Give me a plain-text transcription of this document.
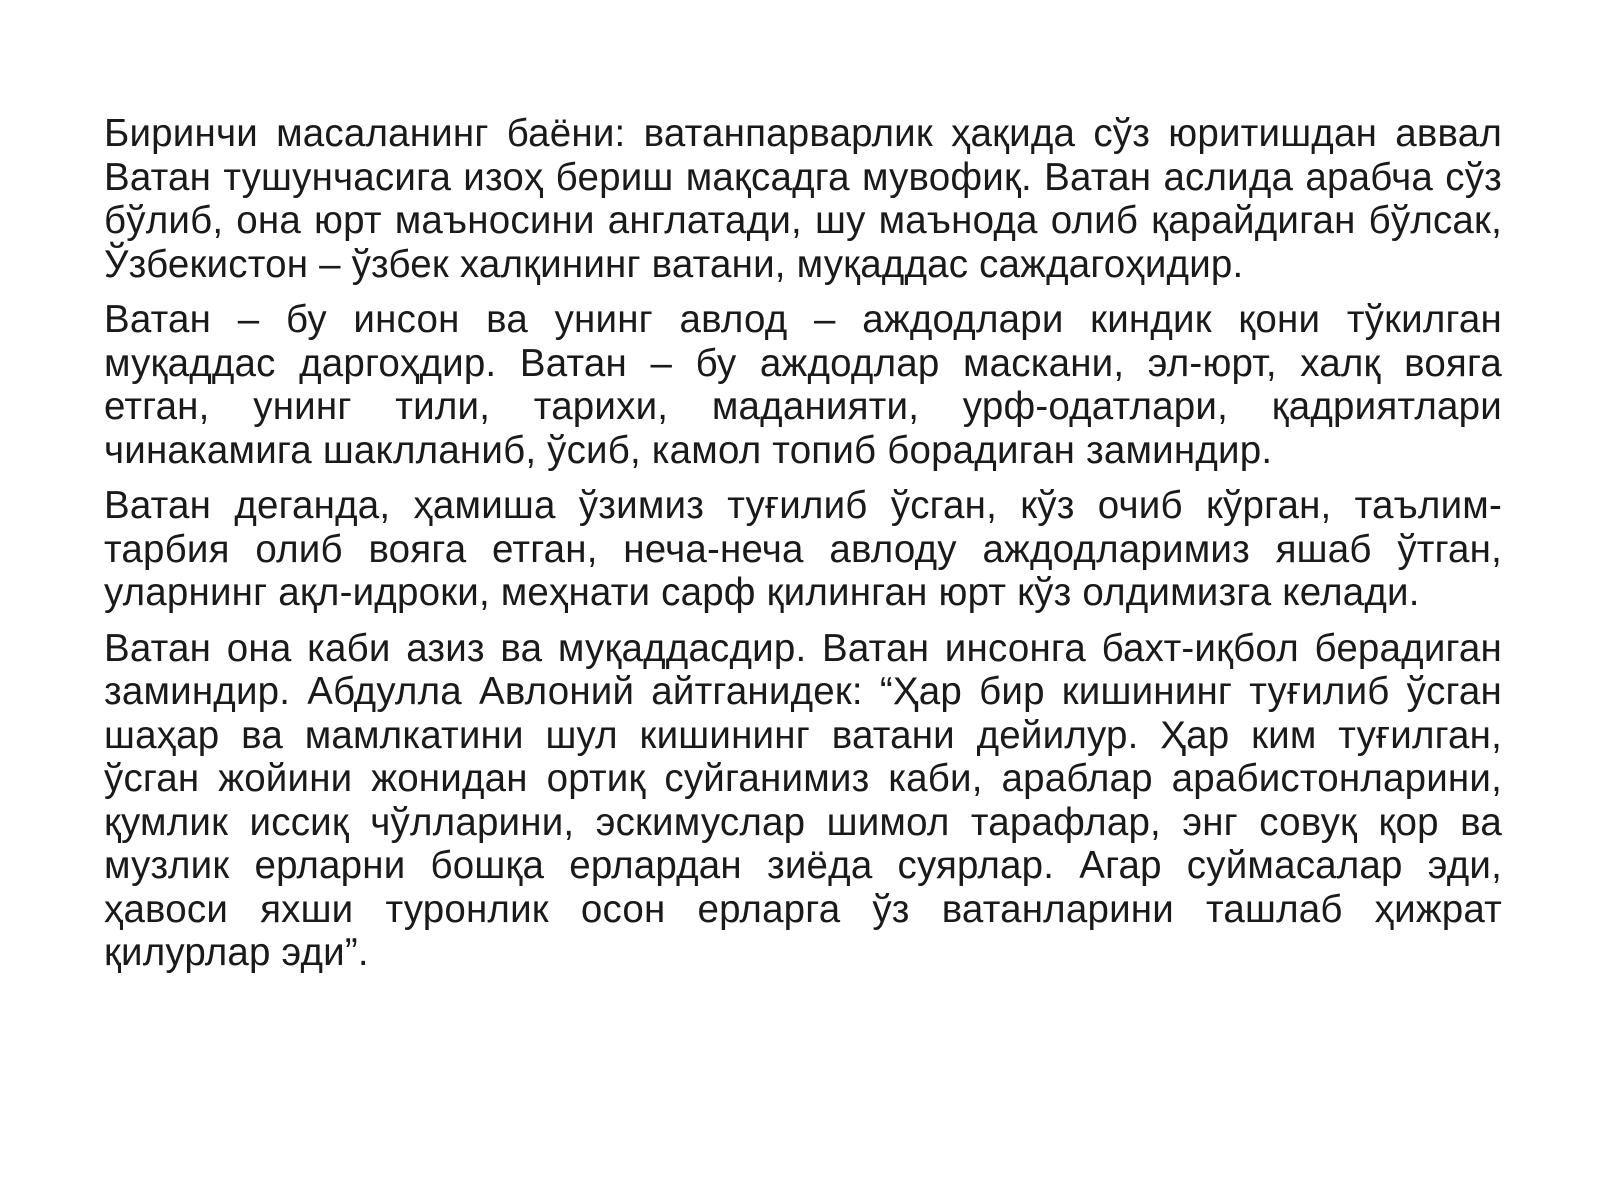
Биринчи масаланинг баёни: ватанпарварлик ҳақида сўз юритишдан аввал Ватан тушунчасига изоҳ бериш мақсадга мувофиқ. Ватан аслида арабча сўз бўлиб, она юрт маъносини англатади, шу маънода олиб қарайдиган бўлсак, Ўзбекистон – ўзбек халқининг ватани, муқаддас саждагоҳидир.

Ватан – бу инсон ва унинг авлод – аждодлари киндик қони тўкилган муқаддас даргоҳдир. Ватан – бу аждодлар маскани, эл-юрт, халқ вояга етган, унинг тили, тарихи, маданияти, урф-одатлари, қадриятлари чинакамига шаклланиб, ўсиб, камол топиб борадиган заминдир.

Ватан деганда, ҳамиша ўзимиз туғилиб ўсган, кўз очиб кўрган, таълим-тарбия олиб вояга етган, неча-неча авлоду аждодларимиз яшаб ўтган, уларнинг ақл-идроки, меҳнати сарф қилинган юрт кўз олдимизга келади.

Ватан она каби азиз ва муқаддасдир. Ватан инсонга бахт-иқбол берадиган заминдир. Абдулла Авлоний айтганидек: “Ҳар бир кишининг туғилиб ўсган шаҳар ва мамлкатини шул кишининг ватани дейилур. Ҳар ким туғилган, ўсган жойини жонидан ортиқ суйганимиз каби, араблар арабистонларини, қумлик иссиқ чўлларини, эскимуслар шимол тарафлар, энг совуқ қор ва музлик ерларни бошқа ерлардан зиёда суярлар. Агар суймасалар эди, ҳавоси яхши туронлик осон ерларга ўз ватанларини ташлаб ҳижрат қилурлар эди”.
